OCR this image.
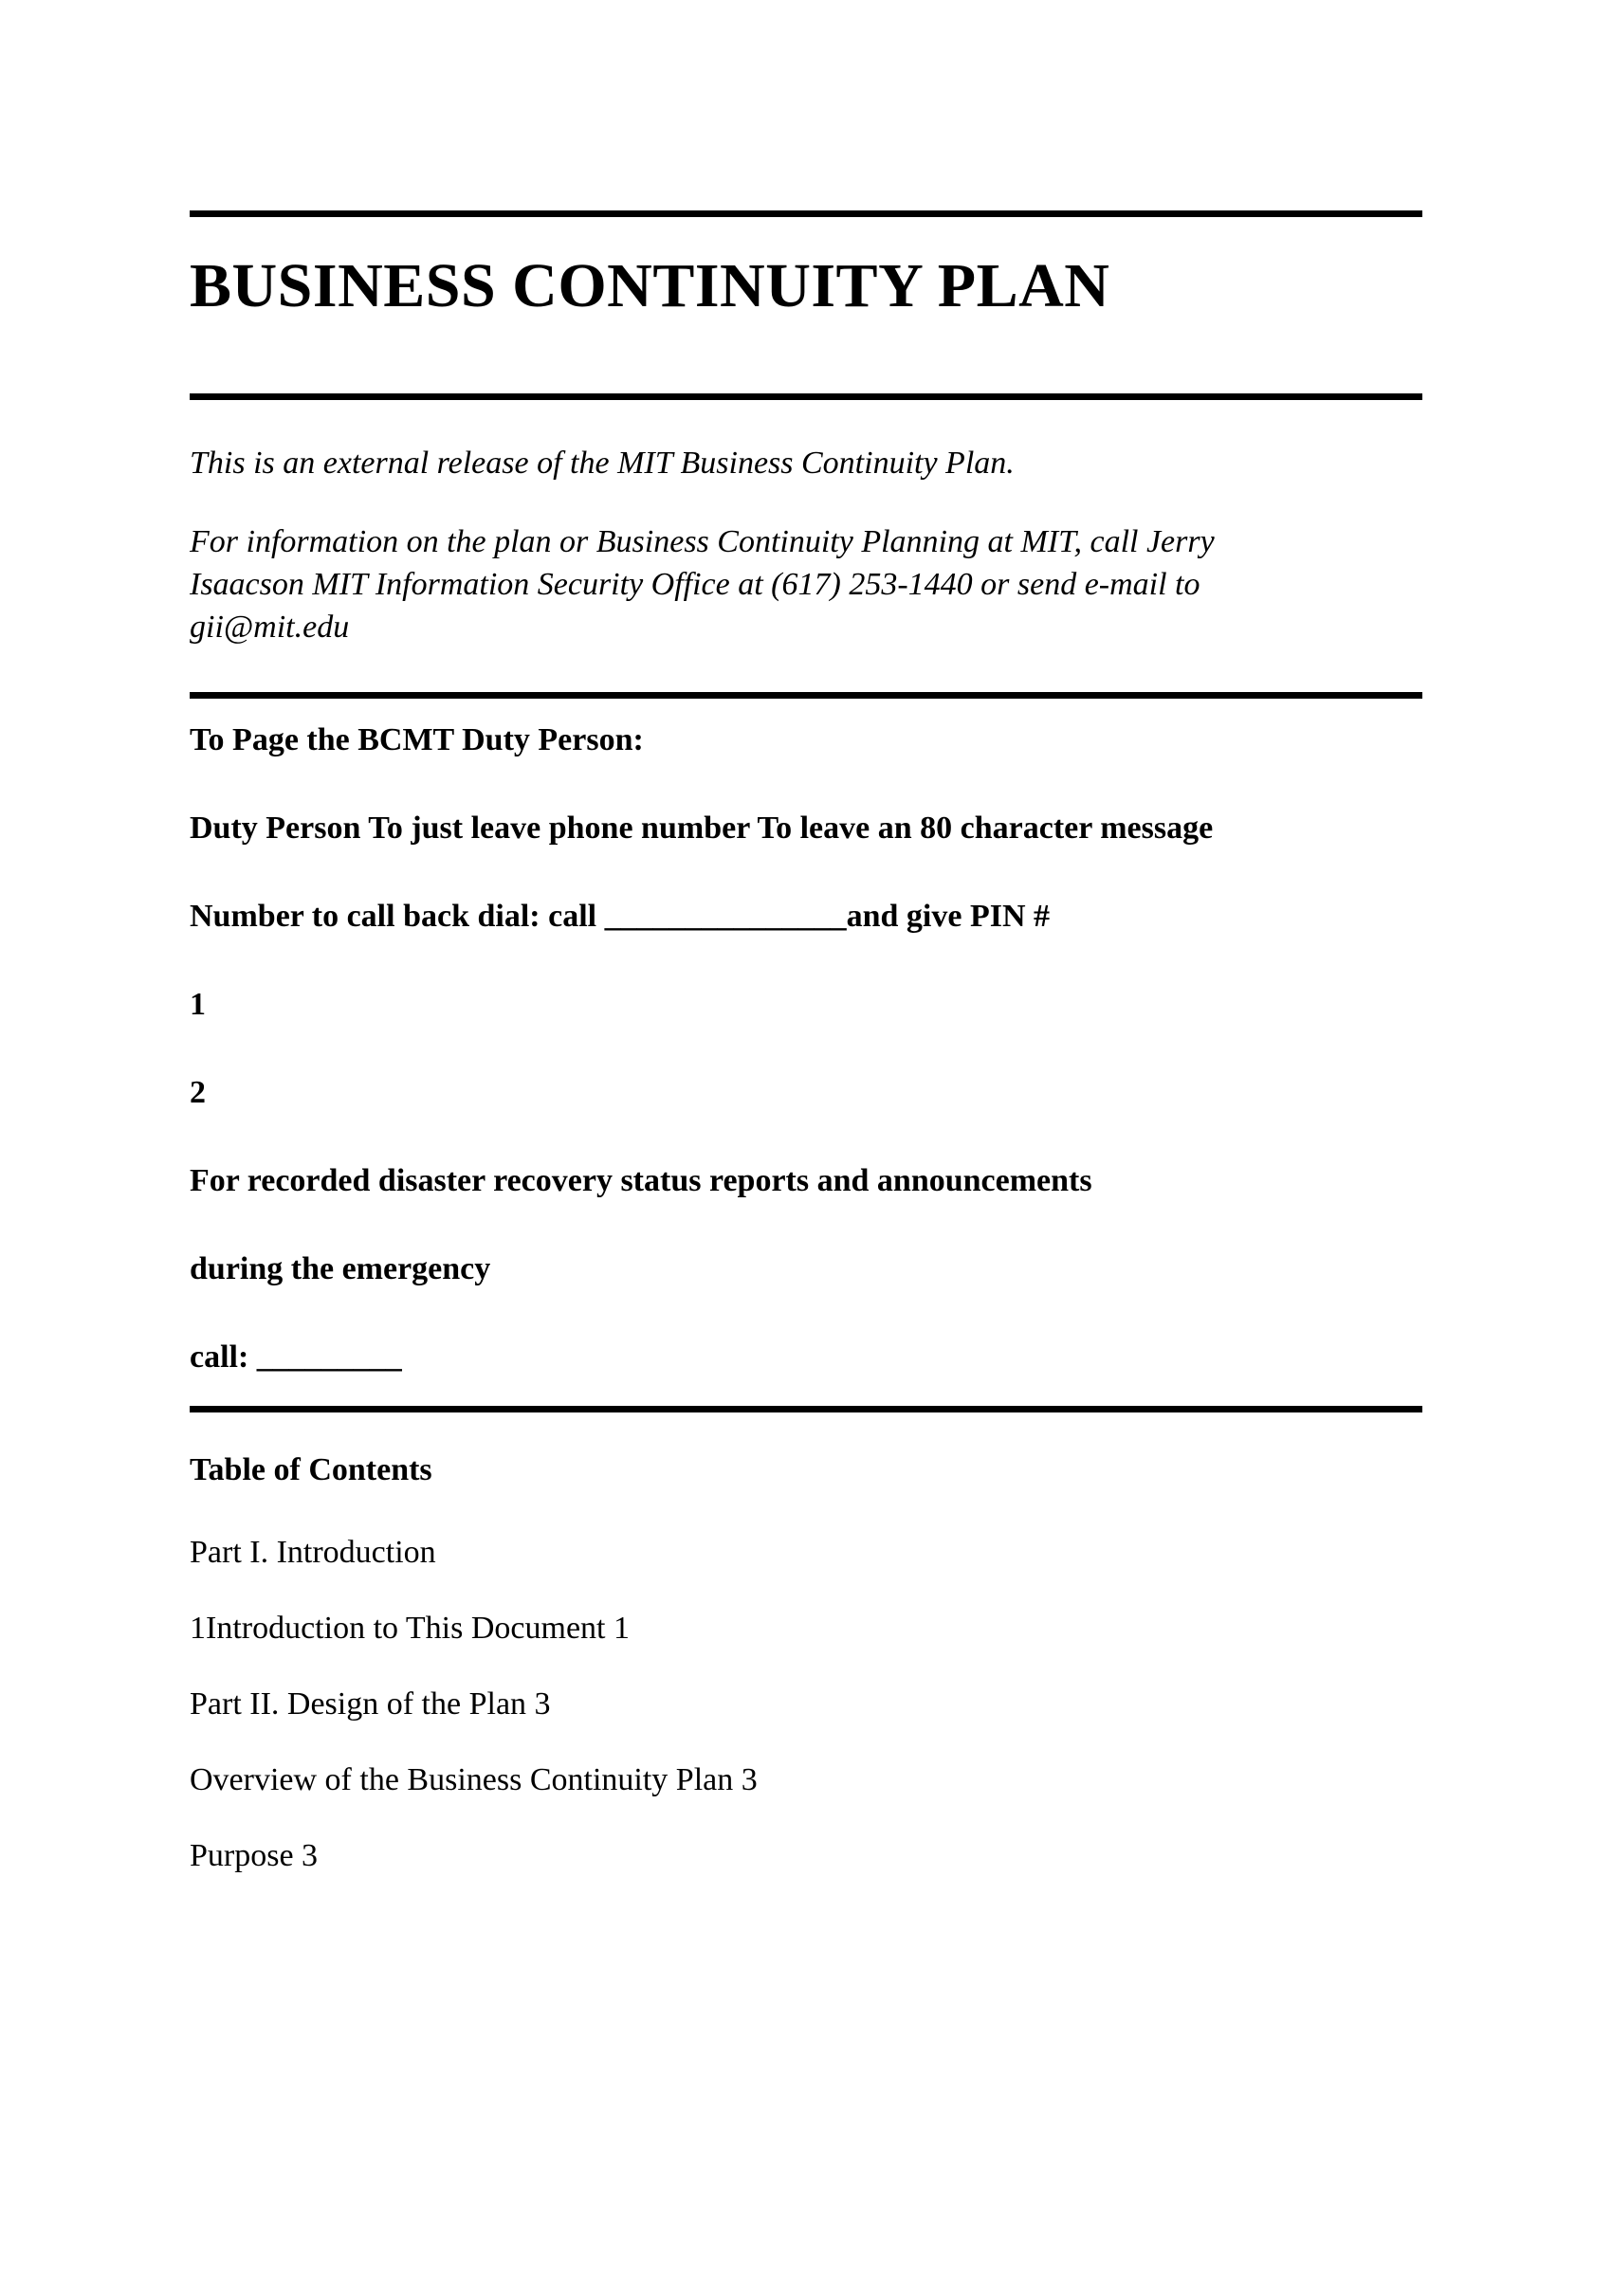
BUSINESS CONTINUITY PLAN

This is an external release of the MIT Business Continuity Plan.

For information on the plan or Business Continuity Planning at MIT, call Jerry
Isaacson MIT Information Security Office at (617) 253-1440 or send e-mail to
gii@mit.edu

To Page the BCMT Duty Person:

Duty Person To just leave phone number To leave an 80 character message

Number to call back dial: call _______________and give PIN #

1

2

For recorded disaster recovery status reports and announcements

during the emergency

call: _________

Table of Contents

Part I. Introduction

1Introduction to This Document 1

Part II. Design of the Plan 3

Overview of the Business Continuity Plan 3

Purpose 3
